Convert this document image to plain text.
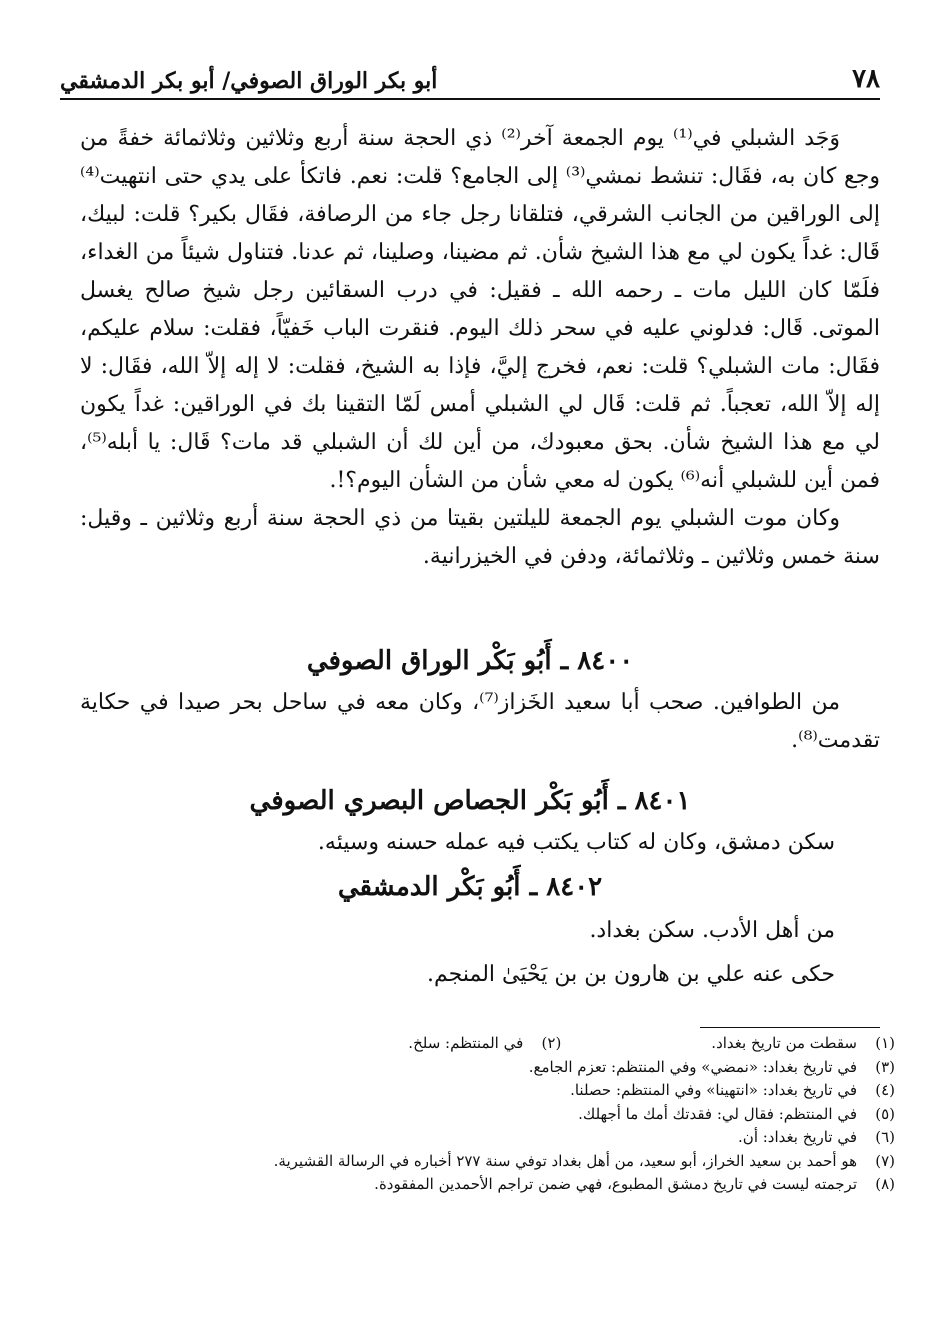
أبو بكر الوراق الصوفي/ أبو بكر الدمشقي	٧٨

وَجَد الشبلي في⁽¹⁾ يوم الجمعة آخر⁽²⁾ ذي الحجة سنة أربع وثلاثين وثلاثمائة خفةً من وجع كان به، فقَال: تنشط نمشي⁽³⁾ إلى الجامع؟ قلت: نعم. فاتكأ على يدي حتى انتهيت⁽⁴⁾ إلى الوراقين من الجانب الشرقي، فتلقانا رجل جاء من الرصافة، فقَال بكير؟ قلت: لبيك، قَال: غداً يكون لي مع هذا الشيخ شأن. ثم مضينا، وصلينا، ثم عدنا. فتناول شيئاً من الغداء، فلَمّا كان الليل مات ـ رحمه الله ـ فقيل: في درب السقائين رجل شيخ صالح يغسل الموتى. قَال: فدلوني عليه في سحر ذلك اليوم. فنقرت الباب خَفيّاً، فقلت: سلام عليكم، فقَال: مات الشبلي؟ قلت: نعم، فخرج إليَّ، فإذا به الشيخ، فقلت: لا إله إلاّ الله، فقَال: لا إله إلاّ الله، تعجباً. ثم قلت: قَال لي الشبلي أمس لَمّا التقينا بك في الوراقين: غداً يكون لي مع هذا الشيخ شأن. بحق معبودك، من أين لك أن الشبلي قد مات؟ قَال: يا أبله⁽⁵⁾، فمن أين للشبلي أنه⁽⁶⁾ يكون له معي شأن من الشأن اليوم؟!.

وكان موت الشبلي يوم الجمعة لليلتين بقيتا من ذي الحجة سنة أربع وثلاثين ـ وقيل: سنة خمس وثلاثين ـ وثلاثمائة، ودفن في الخيزرانية.

٨٤٠٠ ـ أَبُو بَكْر الوراق الصوفي
من الطوافين. صحب أبا سعيد الخَزاز⁽⁷⁾، وكان معه في ساحل بحر صيدا في حكاية تقدمت⁽⁸⁾.
٨٤٠١ ـ أَبُو بَكْر الجصاص البصري الصوفي
سكن دمشق، وكان له كتاب يكتب فيه عمله حسنه وسيئه.
٨٤٠٢ ـ أَبُو بَكْر الدمشقي
من أهل الأدب. سكن بغداد.
حكى عنه علي بن هارون بن بن يَحْيَىٰ المنجم.
(١)
سقطت من تاريخ بغداد.
(٢)
في المنتظم: سلخ.
(٣)
في تاريخ بغداد: «نمضي» وفي المنتظم: تعزم الجامع.
(٤)
في تاريخ بغداد: «انتهينا» وفي المنتظم: حصلنا.
(٥)
في المنتظم: فقال لي: فقدتك أمك ما أجهلك.
(٦)
في تاريخ بغداد: أن.
(٧)
هو أحمد بن سعيد الخراز، أبو سعيد، من أهل بغداد توفي سنة ٢٧٧ أخباره في الرسالة القشيرية.
(٨)
ترجمته ليست في تاريخ دمشق المطبوع، فهي ضمن تراجم الأحمدين المفقودة.
